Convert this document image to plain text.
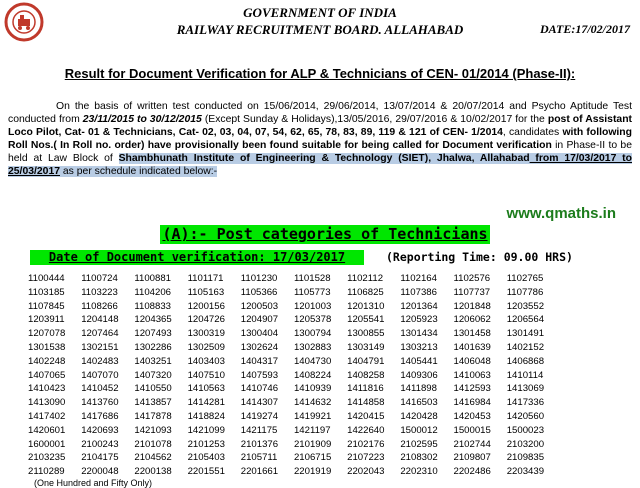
GOVERNMENT OF INDIA
RAILWAY RECRUITMENT BOARD. ALLAHABAD	DATE:17/02/2017
Result for Document Verification for ALP & Technicians of CEN- 01/2014 (Phase-II):
On the basis of written test conducted on 15/06/2014, 29/06/2014, 13/07/2014 & 20/07/2014 and Psycho Aptitude Test conducted from 23/11/2015 to 30/12/2015 (Except Sunday & Holidays),13/05/2016, 29/07/2016 & 10/02/2017 for the post of Assistant Loco Pilot, Cat- 01 & Technicians, Cat- 02, 03, 04, 07, 54, 62, 65, 78, 83, 89, 119 & 121 of CEN- 1/2014, candidates with following Roll Nos.( In Roll no. order) have provisionally been found suitable for being called for Document verification in Phase-II to be held at Law Block of Shambhunath Institute of Engineering & Technology (SIET), Jhalwa, Allahabad from 17/03/2017 to 25/03/2017 as per schedule indicated below:-
www.qmaths.in
(A):- Post categories of Technicians
Date of Document verification: 17/03/2017	(Reporting Time: 09.00 HRS)
1100444 1100724 1100881 1101171 1101230 1101528 1102112 1102164 1102576 1102765
1103185 1103223 1104206 1105163 1105366 1105773 1106825 1107386 1107737 1107786
1107845 1108266 1108833 1200156 1200503 1201003 1201310 1201364 1201848 1203552
1203911 1204148 1204365 1204726 1204907 1205378 1205541 1205923 1206062 1206564
1207078 1207464 1207493 1300319 1300404 1300794 1300855 1301434 1301458 1301491
1301538 1302151 1302286 1302509 1302624 1302883 1303149 1303213 1401639 1402152
1402248 1402483 1403251 1403403 1404317 1404730 1404791 1405441 1406048 1406868
1407065 1407070 1407320 1407510 1407593 1408224 1408258 1409306 1410063 1410114
1410423 1410452 1410550 1410563 1410746 1410939 1411816 1411898 1412593 1413069
1413090 1413760 1413857 1414281 1414307 1414632 1414858 1416503 1416984 1417336
1417402 1417686 1417878 1418824 1419274 1419921 1420415 1420428 1420453 1420560
1420601 1420693 1421093 1421099 1421175 1421197 1422640 1500012 1500015 1500023
1600001 2100243 2101078 2101253 2101376 2101909 2102176 2102595 2102744 2103200
2103235 2104175 2104562 2105403 2105711 2106715 2107223 2108302 2109807 2109835
2110289 2200048 2200138 2201551 2201661 2201919 2202043 2202310 2202486 2203439
(One Hundred and Fifty Only)
